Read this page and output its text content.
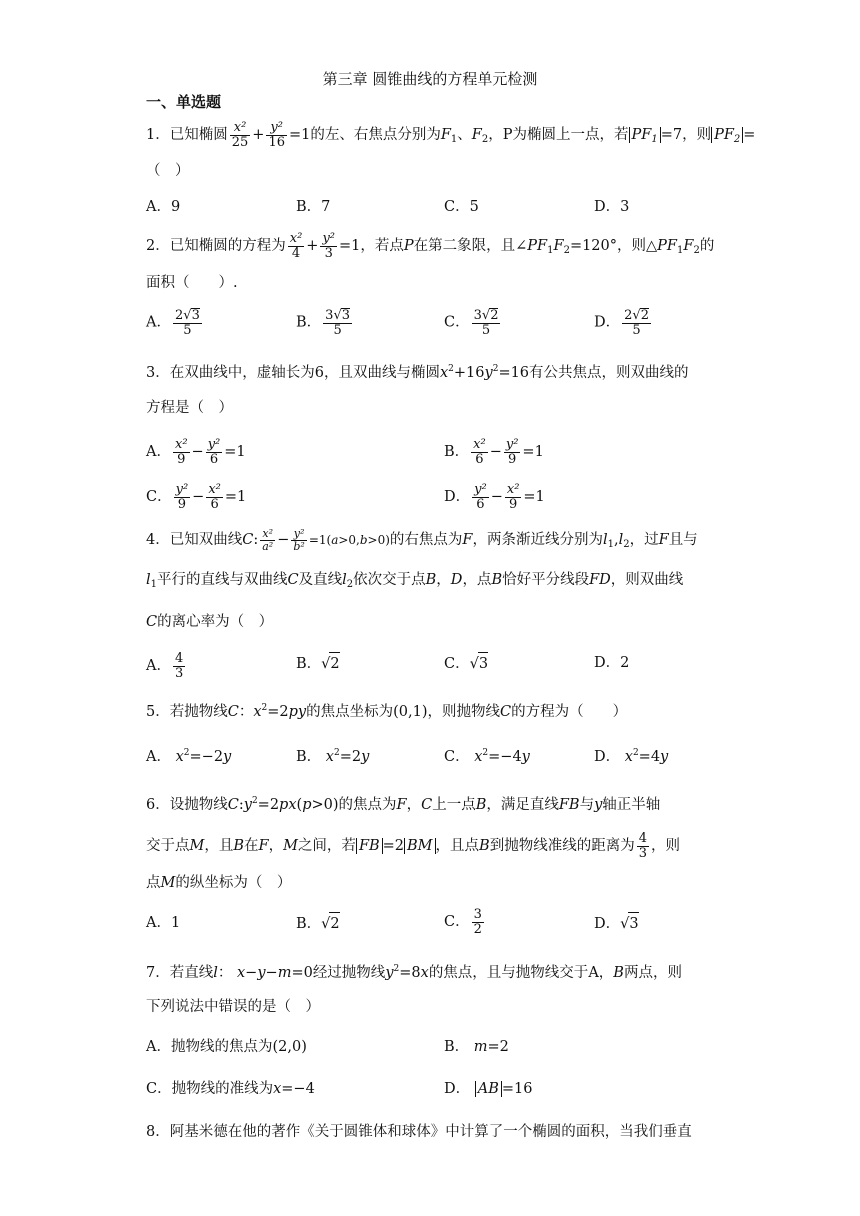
第三章 圆锥曲线的方程单元检测
一、单选题
1．已知椭圆 $\frac{\text{x²}}{25} + \frac{\text{y²}}{16} =1$的左、右焦点分别为$F_1$、$F_2$，P为椭圆上一点，若 $PF_1 =7$，则 $PF_2$ =
（　）
A．9	B．7	C．5	D．3
2．已知椭圆的方程为 $\frac{\text{x²}}{4} + \frac{\text{y²}}{3} =1$，若点P在第二象限，且$\angle PF_1F_2=120^\circ$，则$\triangle PF_1F_2$的
面积（　　）.
A． $\frac{2√3}{5}$	B． $\frac{3√3}{5}$	C． $\frac{3√2}{5}$	D． $\frac{2√2}{5}$
3．在双曲线中，虚轴长为6，且双曲线与椭圆$x^2+16y^2=16$有公共焦点，则双曲线的
方程是（　）
A． $\frac{\text{x²}}{9} - \frac{\text{y²}}{6} =1$	B． $\frac{\text{x²}}{6} - \frac{\text{y²}}{9} =1$
C． $\frac{\text{y²}}{9} - \frac{\text{x²}}{6} =1$	D． $\frac{\text{y²}}{6} - \frac{\text{x²}}{9} =1$
4．已知双曲线C: $\frac{\text{x²}}{\text{a²}} - \frac{\text{y²}}{\text{b²}} =1(a>0,b>0)$的右焦点为F，两条渐近线分别为$l_1,l_2$，过F且与
$l_1$平行的直线与双曲线C及直线$l_2$依次交于点B，D，点B恰好平分线段FD，则双曲线
C的离心率为（　）
A． $\frac{4}{3}$	B．√2	C．√3	D．2
5．若抛物线C：$x^2=2py$的焦点坐标为(0,1)，则抛物线C的方程为（　　）
A． $x^2=-2y$	B． $x^2=2y$	C． $x^2=-4y$	D． $x^2=4y$
6．设抛物线$C:y^2=2px(p>0)$的焦点为F，C上一点B，满足直线FB与y轴正半轴
交于点M，且B在F，M之间，若 FB =2 BM ，且点B到抛物线准线的距离为 $\frac{4}{3}$ ，则
点M的纵坐标为（　）
A．1	B．√2	C． $\frac{3}{2}$	D．√3
7．若直线l： x−y−m=0经过抛物线$y^2=8x$的焦点，且与抛物线交于A，B两点，则
下列说法中错误的是（　）
A．抛物线的焦点为(2,0)	B． m=2
C．抛物线的准线为x=−4	D． AB =16
8．阿基米德在他的著作《关于圆锥体和球体》中计算了一个椭圆的面积，当我们垂直
